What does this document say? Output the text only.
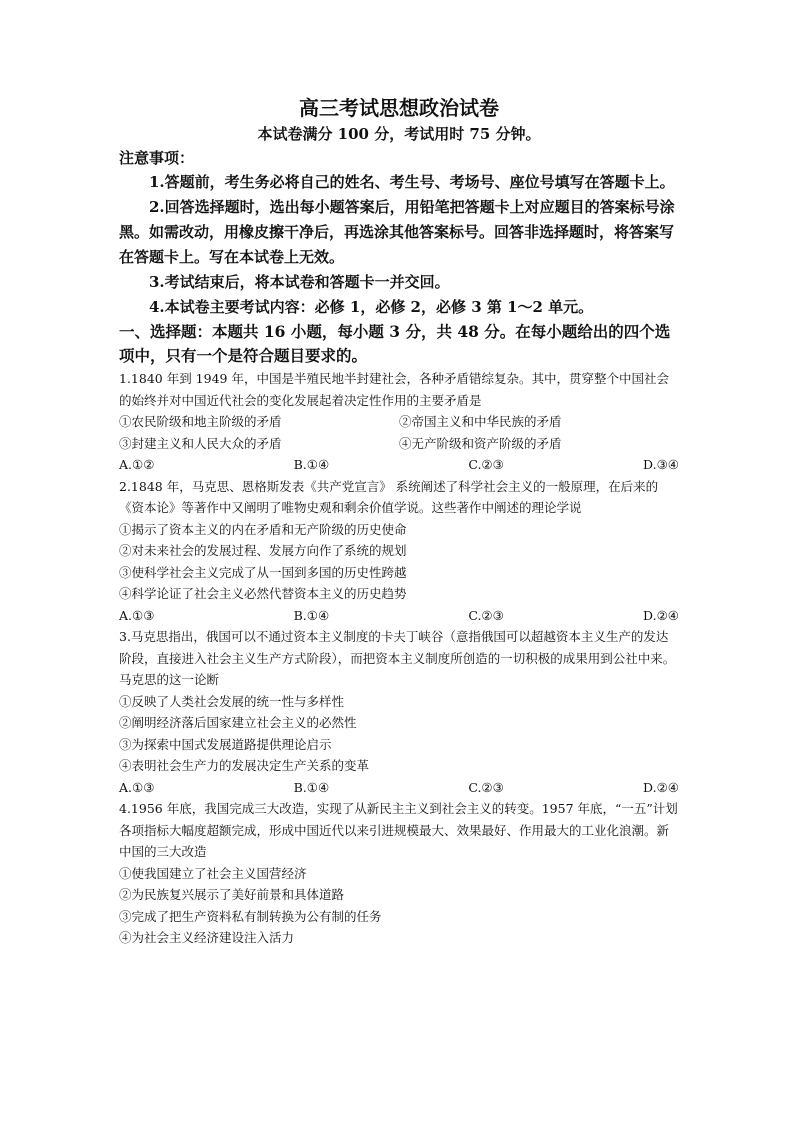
高三考试思想政治试卷
本试卷满分 100 分，考试用时 75 分钟。
注意事项：

1.答题前，考生务必将自己的姓名、考生号、考场号、座位号填写在答题卡上。

2.回答选择题时，选出每小题答案后，用铅笔把答题卡上对应题目的答案标号涂黑。如需改动，用橡皮擦干净后，再选涂其他答案标号。回答非选择题时，将答案写在答题卡上。写在本试卷上无效。

3.考试结束后，将本试卷和答题卡一并交回。

4.本试卷主要考试内容：必修 1，必修 2，必修 3 第 1～2 单元。

一、选择题：本题共 16 小题，每小题 3 分，共 48 分。在每小题给出的四个选项中，只有一个是符合题目要求的。

1.1840 年到 1949 年，中国是半殖民地半封建社会，各种矛盾错综复杂。其中，贯穿整个中国社会的始终并对中国近代社会的变化发展起着决定性作用的主要矛盾是

①农民阶级和地主阶级的矛盾	②帝国主义和中华民族的矛盾

③封建主义和人民大众的矛盾	④无产阶级和资产阶级的矛盾

A.①②	B.①④	C.②③	D.③④

2.1848 年，马克思、恩格斯发表《共产党宣言》 系统阐述了科学社会主义的一般原理，在后来的《资本论》等著作中又阐明了唯物史观和剩余价值学说。这些著作中阐述的理论学说

①揭示了资本主义的内在矛盾和无产阶级的历史使命

②对未来社会的发展过程、发展方向作了系统的规划

③使科学社会主义完成了从一国到多国的历史性跨越

④科学论证了社会主义必然代替资本主义的历史趋势

A.①③	B.①④	C.②③	D.②④

3.马克思指出，俄国可以不通过资本主义制度的卡夫丁峡谷（意指俄国可以超越资本主义生产的发达阶段，直接进入社会主义生产方式阶段），而把资本主义制度所创造的一切积极的成果用到公社中来。马克思的这一论断

①反映了人类社会发展的统一性与多样性

②阐明经济落后国家建立社会主义的必然性

③为探索中国式发展道路提供理论启示

④表明社会生产力的发展决定生产关系的变革

A.①③	B.①④	C.②③	D.②④

4.1956 年底，我国完成三大改造，实现了从新民主主义到社会主义的转变。1957 年底，“一五”计划各项指标大幅度超额完成，形成中国近代以来引进规模最大、效果最好、作用最大的工业化浪潮。新中国的三大改造

①使我国建立了社会主义国营经济

②为民族复兴展示了美好前景和具体道路

③完成了把生产资料私有制转换为公有制的任务

④为社会主义经济建设注入活力
